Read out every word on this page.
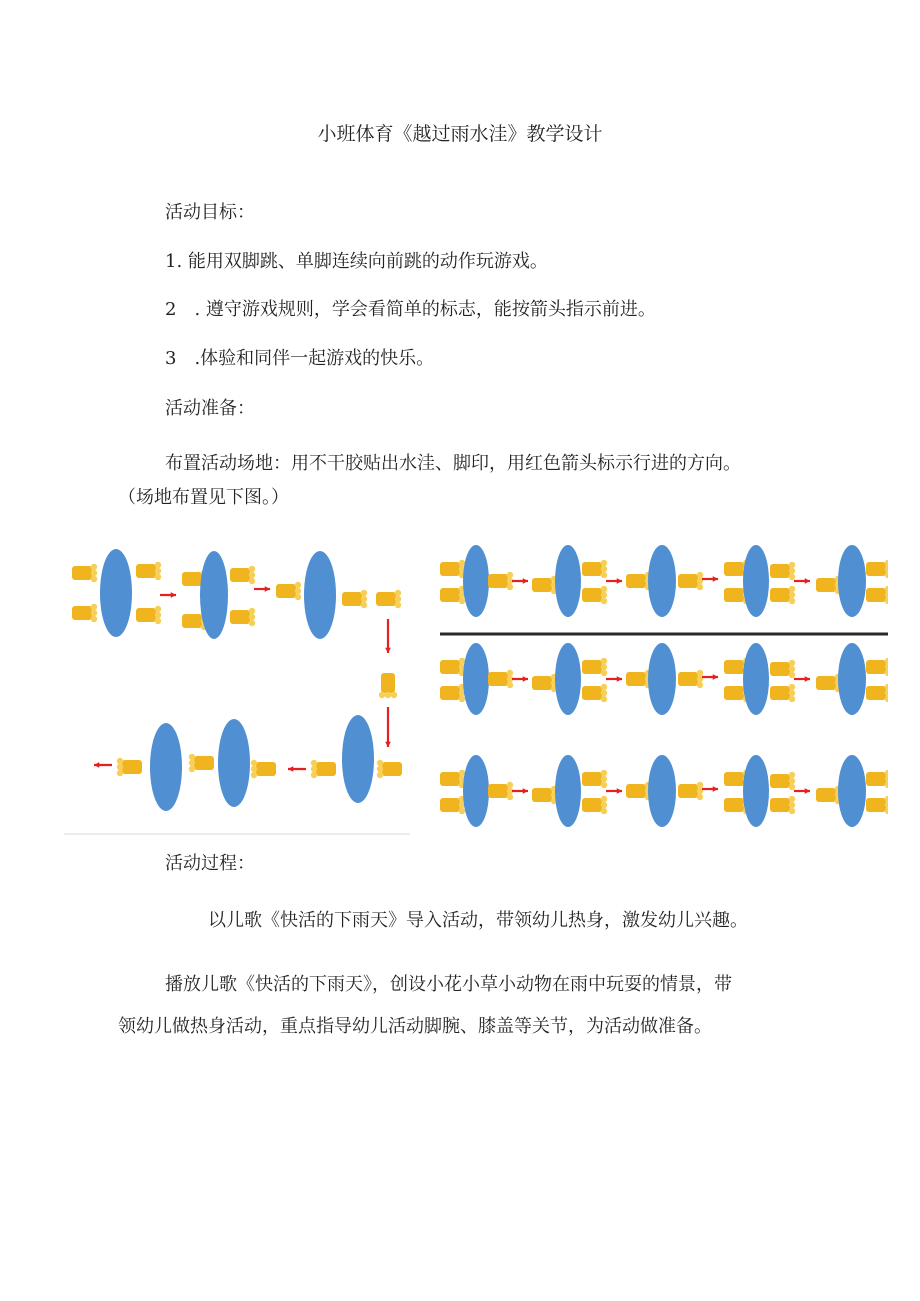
小班体育《越过雨水洼》教学设计

活动目标：

1. 能用双脚跳、单脚连续向前跳的动作玩游戏。

2　. 遵守游戏规则，学会看简单的标志，能按箭头指示前进。

3　.体验和同伴一起游戏的快乐。

活动准备：

布置活动场地：用不干胶贴出水洼、脚印，用红色箭头标示行进的方向。

（场地布置见下图。）

活动过程：

以儿歌《快活的下雨天》导入活动，带领幼儿热身，激发幼儿兴趣。

播放儿歌《快活的下雨天》，创设小花小草小动物在雨中玩耍的情景，带

领幼儿做热身活动，重点指导幼儿活动脚腕、膝盖等关节，为活动做准备。
